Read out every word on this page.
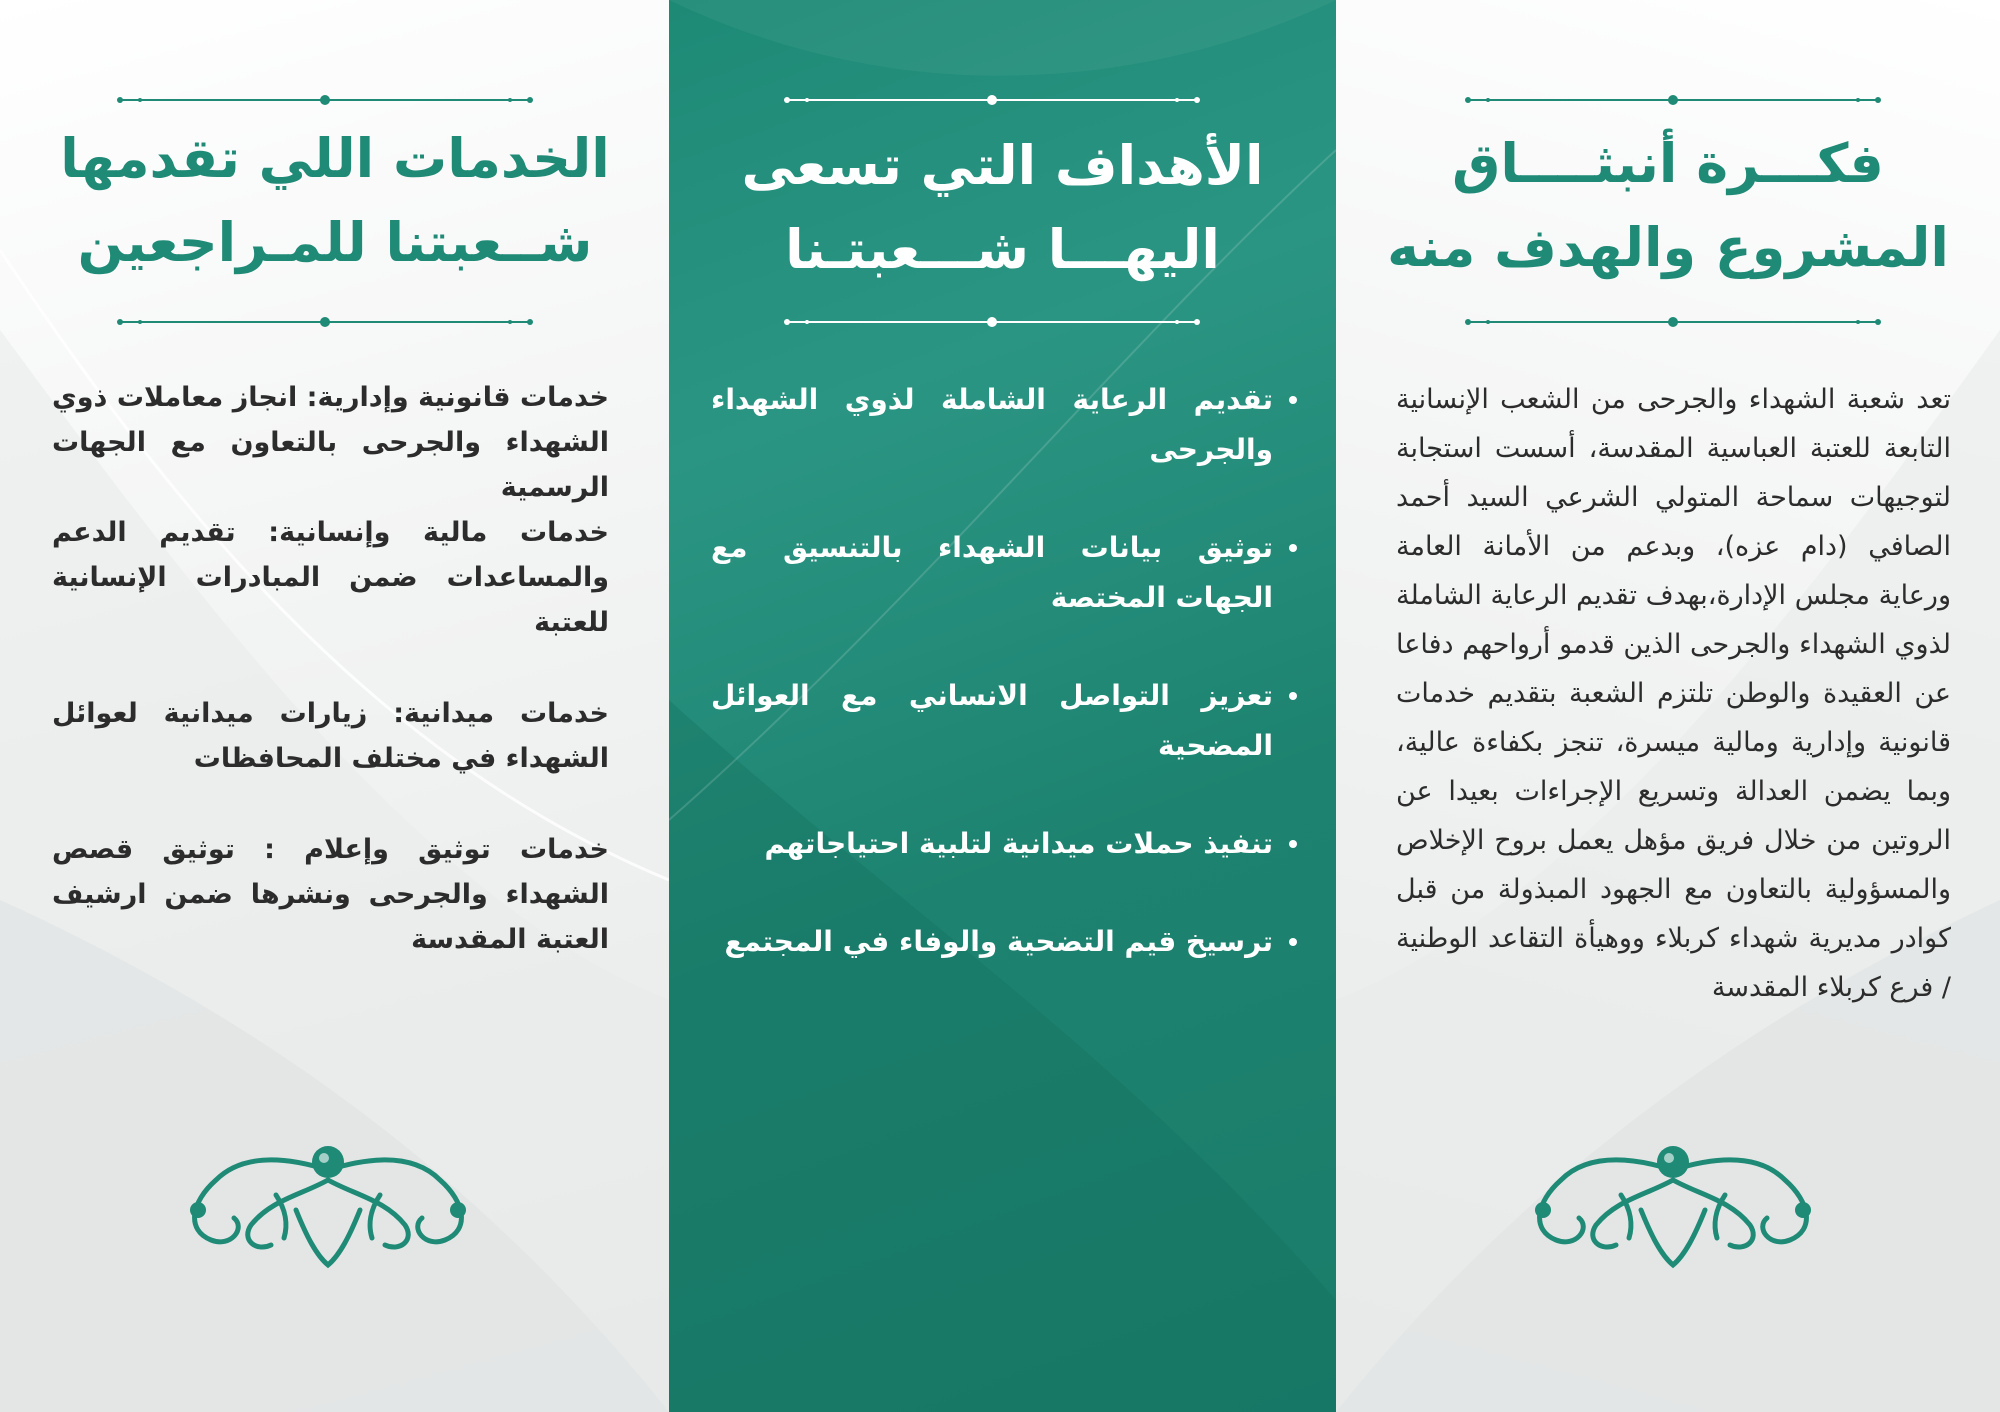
الخدمات اللي تقدمها
شــعبتنا للمـراجعين

خدمات قانونية وإدارية: انجاز معاملات ذوي الشهداء والجرحى بالتعاون مع الجهات الرسمية

خدمات مالية وإنسانية: تقديم الدعم والمساعدات ضمن المبادرات الإنسانية للعتبة

خدمات ميدانية: زيارات ميدانية لعوائل الشهداء في مختلف المحافظات

خدمات توثيق وإعلام : توثيق قصص الشهداء والجرحى ونشرها ضمن ارشيف العتبة المقدسة

الأهداف التي تسعى
اليهـــا شـــعبتـنا
تقديم الرعاية الشاملة لذوي الشهداء والجرحى
توثيق بيانات الشهداء بالتنسيق مع الجهات المختصة
تعزيز التواصل الانساني مع العوائل المضحية
تنفيذ حملات ميدانية لتلبية احتياجاتهم
ترسيخ قيم التضحية والوفاء في المجتمع
فكـــرة أنبثــــاق
المشروع والهدف منه

تعد شعبة الشهداء والجرحى من الشعب الإنسانية التابعة للعتبة العباسية المقدسة، أسست استجابة لتوجيهات سماحة المتولي الشرعي السيد أحمد الصافي (دام عزه)، وبدعم من الأمانة العامة ورعاية مجلس الإدارة،بهدف تقديم الرعاية الشاملة لذوي الشهداء والجرحى الذين قدمو أرواحهم دفاعا عن العقيدة والوطن تلتزم الشعبة بتقديم خدمات قانونية وإدارية ومالية ميسرة، تنجز بكفاءة عالية، وبما يضمن العدالة وتسريع الإجراءات بعيدا عن الروتين من خلال فريق مؤهل يعمل بروح الإخلاص والمسؤولية بالتعاون مع الجهود المبذولة من قبل كوادر مديرية شهداء كربلاء ووهيأة التقاعد الوطنية / فرع كربلاء المقدسة
